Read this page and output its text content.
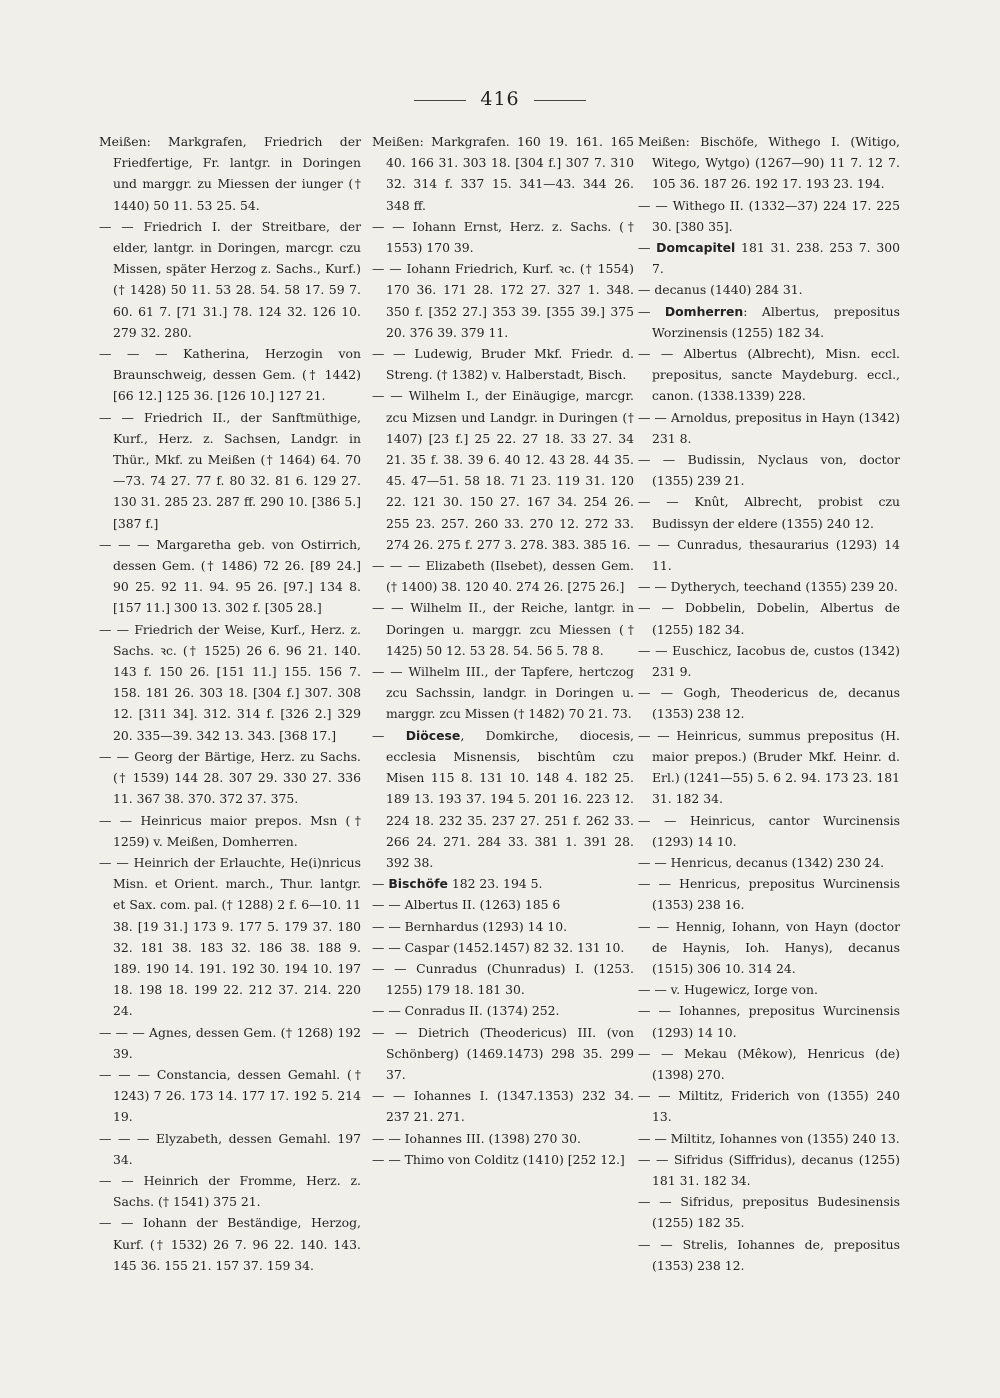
416
Meißen: Markgrafen, Friedrich der Friedfertige, Fr. lantgr. in Doringen und marggr. zu Miessen der iunger († 1440) 50 11. 53 25. 54.
— — Friedrich I. der Streitbare, der elder, lantgr. in Doringen, marcgr. czu Missen, später Herzog z. Sachs., Kurf.) († 1428) 50 11. 53 28. 54. 58 17. 59 7. 60. 61 7. [71 31.] 78. 124 32. 126 10. 279 32. 280.
— — — Katherina, Herzogin von Braunschweig, dessen Gem. († 1442) [66 12.] 125 36. [126 10.] 127 21.
— — Friedrich II., der Sanftmüthige, Kurf., Herz. z. Sachsen, Landgr. in Thür., Mkf. zu Meißen († 1464) 64. 70—73. 74 27. 77 f. 80 32. 81 6. 129 27. 130 31. 285 23. 287 ff. 290 10. [386 5.] [387 f.]
— — — Margaretha geb. von Ostirrich, dessen Gem. († 1486) 72 26. [89 24.] 90 25. 92 11. 94. 95 26. [97.] 134 8. [157 11.] 300 13. 302 f. [305 28.]
— — Friedrich der Weise, Kurf., Herz. z. Sachs. ꝛc. († 1525) 26 6. 96 21. 140. 143 f. 150 26. [151 11.] 155. 156 7. 158. 181 26. 303 18. [304 f.] 307. 308 12. [311 34]. 312. 314 f. [326 2.] 329 20. 335—39. 342 13. 343. [368 17.]
— — Georg der Bärtige, Herz. zu Sachs. († 1539) 144 28. 307 29. 330 27. 336 11. 367 38. 370. 372 37. 375.
— — Heinricus maior prepos. Msn († 1259) v. Meißen, Domherren.
— — Heinrich der Erlauchte, He(i)nricus Misn. et Orient. march., Thur. lantgr. et Sax. com. pal. († 1288) 2 f. 6—10. 11 38. [19 31.] 173 9. 177 5. 179 37. 180 32. 181 38. 183 32. 186 38. 188 9. 189. 190 14. 191. 192 30. 194 10. 197 18. 198 18. 199 22. 212 37. 214. 220 24.
— — — Agnes, dessen Gem. († 1268) 192 39.
— — — Constancia, dessen Gemahl. († 1243) 7 26. 173 14. 177 17. 192 5. 214 19.
— — — Elyzabeth, dessen Gemahl. 197 34.
— — Heinrich der Fromme, Herz. z. Sachs. († 1541) 375 21.
— — Iohann der Beständige, Herzog, Kurf. († 1532) 26 7. 96 22. 140. 143. 145 36. 155 21. 157 37. 159 34.
Meißen: Markgrafen. 160 19. 161. 165 40. 166 31. 303 18. [304 f.] 307 7. 310 32. 314 f. 337 15. 341—43. 344 26. 348 ff.
— — Iohann Ernst, Herz. z. Sachs. († 1553) 170 39.
— — Iohann Friedrich, Kurf. ꝛc. († 1554) 170 36. 171 28. 172 27. 327 1. 348. 350 f. [352 27.] 353 39. [355 39.] 375 20. 376 39. 379 11.
— — Ludewig, Bruder Mkf. Friedr. d. Streng. († 1382) v. Halberstadt, Bisch.
— — Wilhelm I., der Einäugige, marcgr. zcu Mizsen und Landgr. in Duringen († 1407) [23 f.] 25 22. 27 18. 33 27. 34 21. 35 f. 38. 39 6. 40 12. 43 28. 44 35. 45. 47—51. 58 18. 71 23. 119 31. 120 22. 121 30. 150 27. 167 34. 254 26. 255 23. 257. 260 33. 270 12. 272 33. 274 26. 275 f. 277 3. 278. 383. 385 16.
— — — Elizabeth (Ilsebet), dessen Gem. († 1400) 38. 120 40. 274 26. [275 26.]
— — Wilhelm II., der Reiche, lantgr. in Doringen u. marggr. zcu Miessen († 1425) 50 12. 53 28. 54. 56 5. 78 8.
— — Wilhelm III., der Tapfere, hertczog zcu Sachssin, landgr. in Doringen u. marggr. zcu Missen († 1482) 70 21. 73.
— Diöcese, Domkirche, diocesis, ecclesia Misnensis, bischtûm czu Misen 115 8. 131 10. 148 4. 182 25. 189 13. 193 37. 194 5. 201 16. 223 12. 224 18. 232 35. 237 27. 251 f. 262 33. 266 24. 271. 284 33. 381 1. 391 28. 392 38.
— Bischöfe 182 23. 194 5.
— — Albertus II. (1263) 185 6
— — Bernhardus (1293) 14 10.
— — Caspar (1452.1457) 82 32. 131 10.
— — Cunradus (Chunradus) I. (1253. 1255) 179 18. 181 30.
— — Conradus II. (1374) 252.
— — Dietrich (Theodericus) III. (von Schönberg) (1469.1473) 298 35. 299 37.
— — Iohannes I. (1347.1353) 232 34. 237 21. 271.
— — Iohannes III. (1398) 270 30.
— — Thimo von Colditz (1410) [252 12.]
Meißen: Bischöfe, Withego I. (Witigo, Witego, Wytgo) (1267—90) 11 7. 12 7. 105 36. 187 26. 192 17. 193 23. 194.
— — Withego II. (1332—37) 224 17. 225 30. [380 35].
— Domcapitel 181 31. 238. 253 7. 300 7.
— decanus (1440) 284 31.
— Domherren: Albertus, prepositus Worzinensis (1255) 182 34.
— — Albertus (Albrecht), Misn. eccl. prepositus, sancte Maydeburg. eccl., canon. (1338.1339) 228.
— — Arnoldus, prepositus in Hayn (1342) 231 8.
— — Budissin, Nyclaus von, doctor (1355) 239 21.
— — Knût, Albrecht, probist czu Budissyn der eldere (1355) 240 12.
— — Cunradus, thesaurarius (1293) 14 11.
— — Dytherych, teechand (1355) 239 20.
— — Dobbelin, Dobelin, Albertus de (1255) 182 34.
— — Euschicz, Iacobus de, custos (1342) 231 9.
— — Gogh, Theodericus de, decanus (1353) 238 12.
— — Heinricus, summus prepositus (H. maior prepos.) (Bruder Mkf. Heinr. d. Erl.) (1241—55) 5. 6 2. 94. 173 23. 181 31. 182 34.
— — Heinricus, cantor Wurcinensis (1293) 14 10.
— — Henricus, decanus (1342) 230 24.
— — Henricus, prepositus Wurcinensis (1353) 238 16.
— — Hennig, Iohann, von Hayn (doctor de Haynis, Ioh. Hanys), decanus (1515) 306 10. 314 24.
— — v. Hugewicz, Iorge von.
— — Iohannes, prepositus Wurcinensis (1293) 14 10.
— — Mekau (Mêkow), Henricus (de) (1398) 270.
— — Miltitz, Friderich von (1355) 240 13.
— — Miltitz, Iohannes von (1355) 240 13.
— — Sifridus (Siffridus), decanus (1255) 181 31. 182 34.
— — Sifridus, prepositus Budesinensis (1255) 182 35.
— — Strelis, Iohannes de, prepositus (1353) 238 12.
